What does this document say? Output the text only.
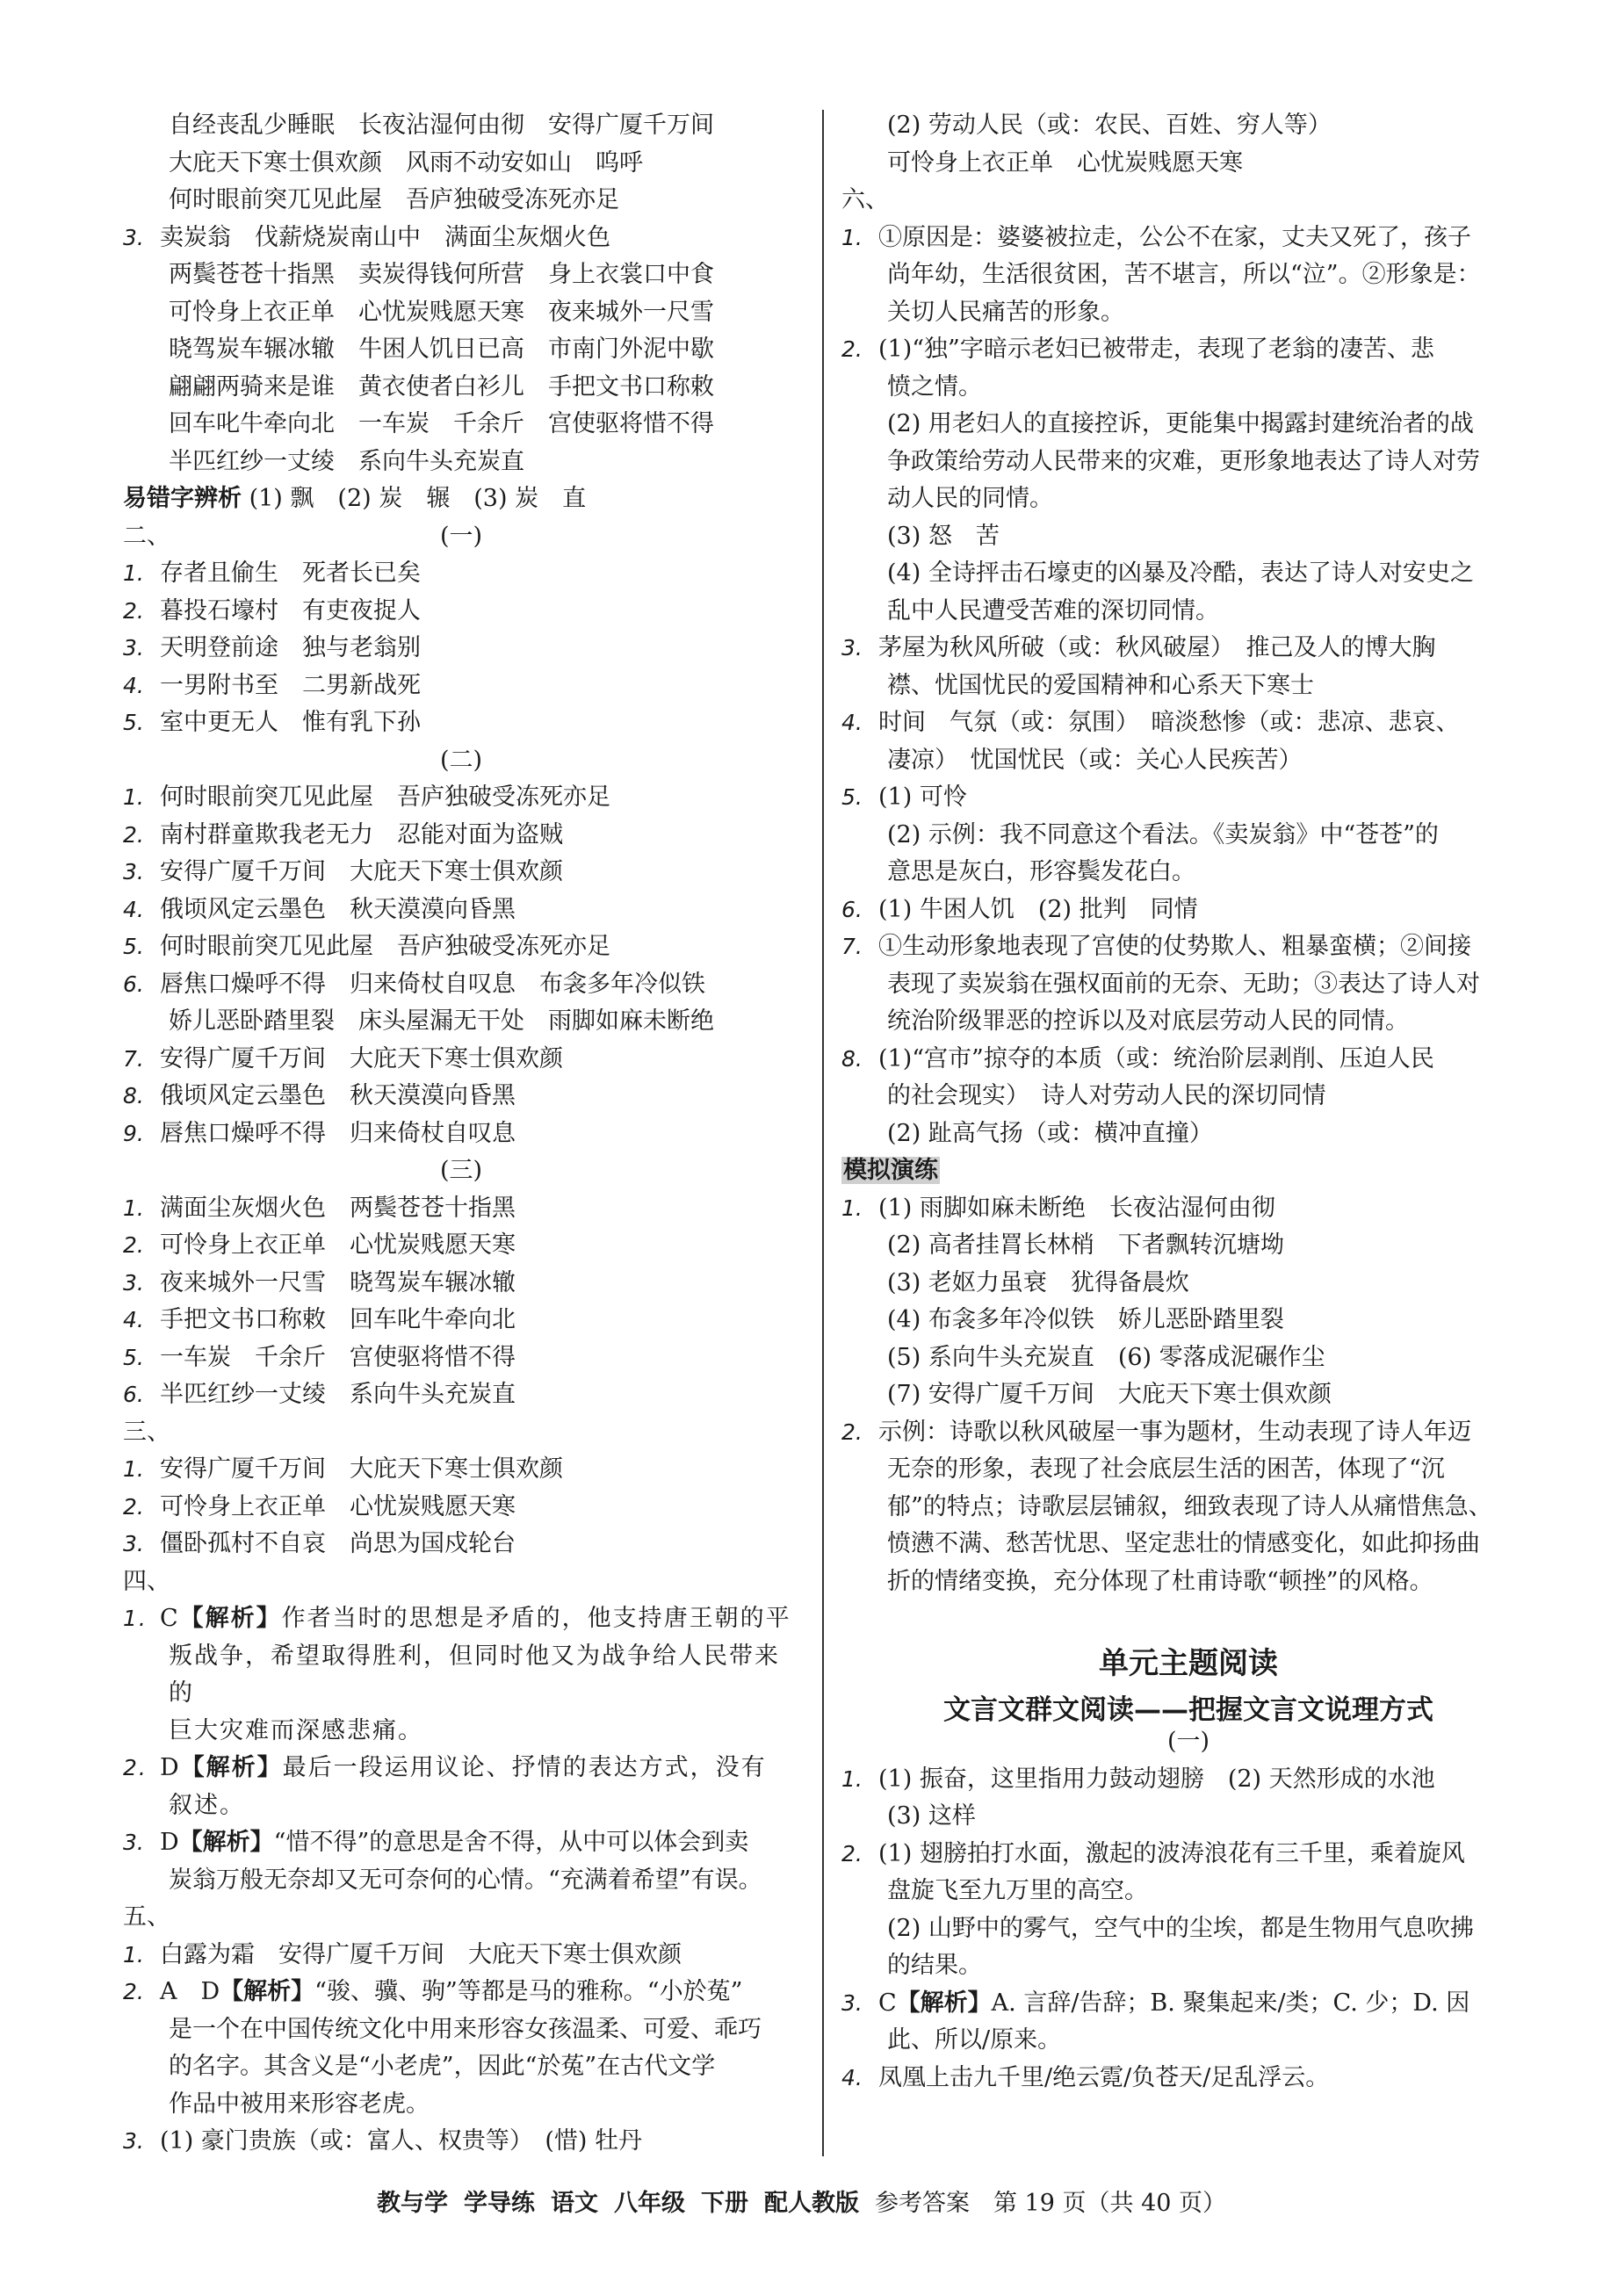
自经丧乱少睡眠　长夜沾湿何由彻　安得广厦千万间
大庇天下寒士俱欢颜　风雨不动安如山　呜呼
何时眼前突兀见此屋　吾庐独破受冻死亦足
3. 卖炭翁　伐薪烧炭南山中　满面尘灰烟火色
两鬓苍苍十指黑　卖炭得钱何所营　身上衣裳口中食
可怜身上衣正单　心忧炭贱愿天寒　夜来城外一尺雪
晓驾炭车辗冰辙　牛困人饥日已高　市南门外泥中歇
翩翩两骑来是谁　黄衣使者白衫儿　手把文书口称敕
回车叱牛牵向北　一车炭　千余斤　宫使驱将惜不得
半匹红纱一丈绫　系向牛头充炭直
易错字辨析 (1) 飘　(2) 炭　辗　(3) 炭　直
二、	(一)
1. 存者且偷生　死者长已矣
2. 暮投石壕村　有吏夜捉人
3. 天明登前途　独与老翁别
4. 一男附书至　二男新战死
5. 室中更无人　惟有乳下孙
(二)
1. 何时眼前突兀见此屋　吾庐独破受冻死亦足
2. 南村群童欺我老无力　忍能对面为盗贼
3. 安得广厦千万间　大庇天下寒士俱欢颜
4. 俄顷风定云墨色　秋天漠漠向昏黑
5. 何时眼前突兀见此屋　吾庐独破受冻死亦足
6. 唇焦口燥呼不得　归来倚杖自叹息　布衾多年冷似铁
娇儿恶卧踏里裂　床头屋漏无干处　雨脚如麻未断绝
7. 安得广厦千万间　大庇天下寒士俱欢颜
8. 俄顷风定云墨色　秋天漠漠向昏黑
9. 唇焦口燥呼不得　归来倚杖自叹息
(三)
1. 满面尘灰烟火色　两鬓苍苍十指黑
2. 可怜身上衣正单　心忧炭贱愿天寒
3. 夜来城外一尺雪　晓驾炭车辗冰辙
4. 手把文书口称敕　回车叱牛牵向北
5. 一车炭　千余斤　宫使驱将惜不得
6. 半匹红纱一丈绫　系向牛头充炭直
三、
1. 安得广厦千万间　大庇天下寒士俱欢颜
2. 可怜身上衣正单　心忧炭贱愿天寒
3. 僵卧孤村不自哀　尚思为国戍轮台
四、
1. C【解析】作者当时的思想是矛盾的，他支持唐王朝的平
叛战争，希望取得胜利，但同时他又为战争给人民带来的
巨大灾难而深感悲痛。
2. D【解析】最后一段运用议论、抒情的表达方式，没有
叙述。
3. D【解析】“惜不得”的意思是舍不得，从中可以体会到卖
炭翁万般无奈却又无可奈何的心情。“充满着希望”有误。
五、
1. 白露为霜　安得广厦千万间　大庇天下寒士俱欢颜
2. A　D【解析】“骏、骥、驹”等都是马的雅称。“小於菟”
是一个在中国传统文化中用来形容女孩温柔、可爱、乖巧
的名字。其含义是“小老虎”，因此“於菟”在古代文学
作品中被用来形容老虎。
3. (1) 豪门贵族（或：富人、权贵等）　(惜) 牡丹
(2) 劳动人民（或：农民、百姓、穷人等）
可怜身上衣正单　心忧炭贱愿天寒
六、
1. ①原因是：婆婆被拉走，公公不在家，丈夫又死了，孩子
尚年幼，生活很贫困，苦不堪言，所以“泣”。②形象是：
关切人民痛苦的形象。
2. (1)“独”字暗示老妇已被带走，表现了老翁的凄苦、悲
愤之情。
(2) 用老妇人的直接控诉，更能集中揭露封建统治者的战
争政策给劳动人民带来的灾难，更形象地表达了诗人对劳
动人民的同情。
(3) 怒　苦
(4) 全诗抨击石壕吏的凶暴及冷酷，表达了诗人对安史之
乱中人民遭受苦难的深切同情。
3. 茅屋为秋风所破（或：秋风破屋）　推己及人的博大胸
襟、忧国忧民的爱国精神和心系天下寒士
4. 时间　气氛（或：氛围）　暗淡愁惨（或：悲凉、悲哀、
凄凉）　忧国忧民（或：关心人民疾苦）
5. (1) 可怜
(2) 示例：我不同意这个看法。《卖炭翁》中“苍苍”的
意思是灰白，形容鬓发花白。
6. (1) 牛困人饥　(2) 批判　同情
7. ①生动形象地表现了宫使的仗势欺人、粗暴蛮横；②间接
表现了卖炭翁在强权面前的无奈、无助；③表达了诗人对
统治阶级罪恶的控诉以及对底层劳动人民的同情。
8. (1)“宫市”掠夺的本质（或：统治阶层剥削、压迫人民
的社会现实）　诗人对劳动人民的深切同情
(2) 趾高气扬（或：横冲直撞）
模拟演练
1. (1) 雨脚如麻未断绝　长夜沾湿何由彻
(2) 高者挂罥长林梢　下者飘转沉塘坳
(3) 老妪力虽衰　犹得备晨炊
(4) 布衾多年冷似铁　娇儿恶卧踏里裂
(5) 系向牛头充炭直　(6) 零落成泥碾作尘
(7) 安得广厦千万间　大庇天下寒士俱欢颜
2. 示例：诗歌以秋风破屋一事为题材，生动表现了诗人年迈
无奈的形象，表现了社会底层生活的困苦，体现了“沉
郁”的特点；诗歌层层铺叙，细致表现了诗人从痛惜焦急、
愤懑不满、愁苦忧思、坚定悲壮的情感变化，如此抑扬曲
折的情绪变换，充分体现了杜甫诗歌“顿挫”的风格。
单元主题阅读
文言文群文阅读——把握文言文说理方式
(一)
1. (1) 振奋，这里指用力鼓动翅膀　(2) 天然形成的水池
(3) 这样
2. (1) 翅膀拍打水面，激起的波涛浪花有三千里，乘着旋风
盘旋飞至九万里的高空。
(2) 山野中的雾气，空气中的尘埃，都是生物用气息吹拂
的结果。
3. C【解析】A. 言辞/告辞；B. 聚集起来/类；C. 少；D. 因
此、所以/原来。
4. 凤凰上击九千里/绝云霓/负苍天/足乱浮云。
教与学 学导练 语文 八年级 下册 配人教版 参考答案　第 19 页（共 40 页）
